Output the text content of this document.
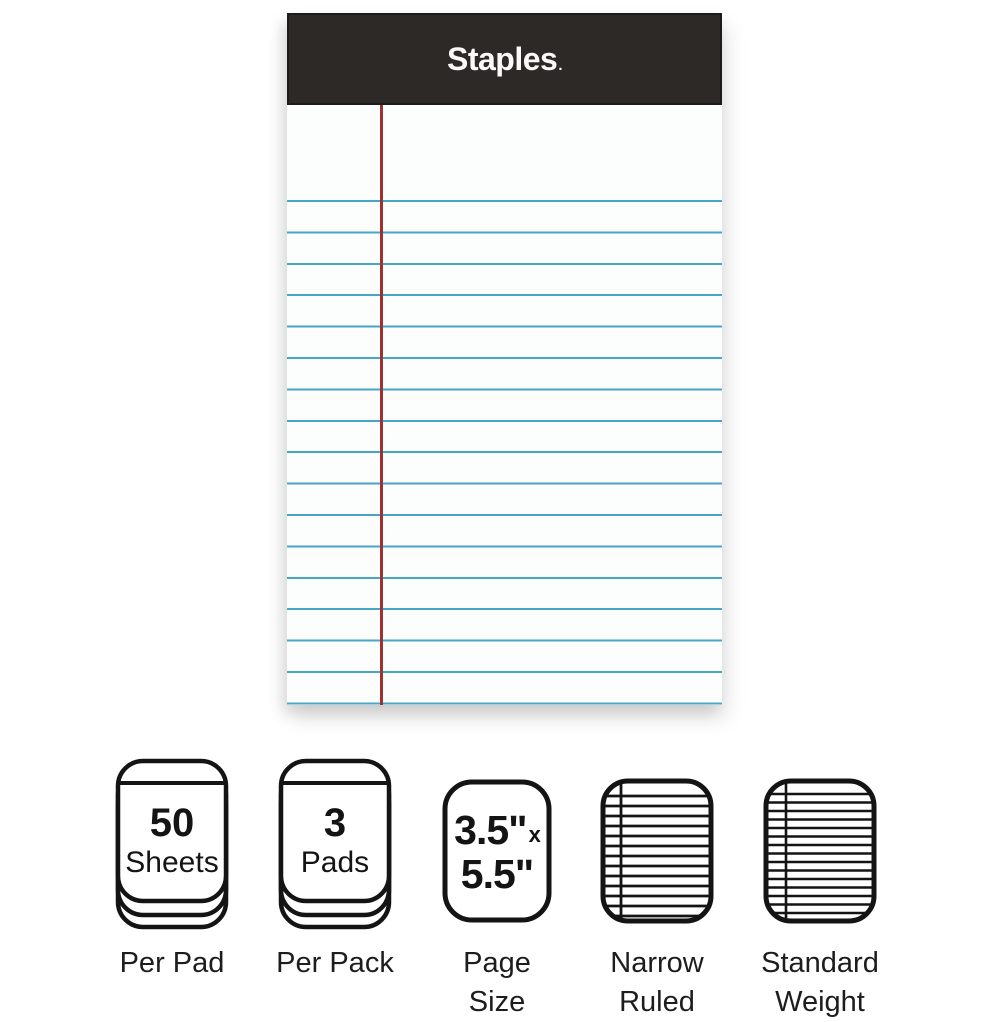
Staples.
50
Sheets
Per Pad
3
Pads
Per Pack
3.5"x
5.5"
Page
Size
Narrow
Ruled
Standard
Weight
